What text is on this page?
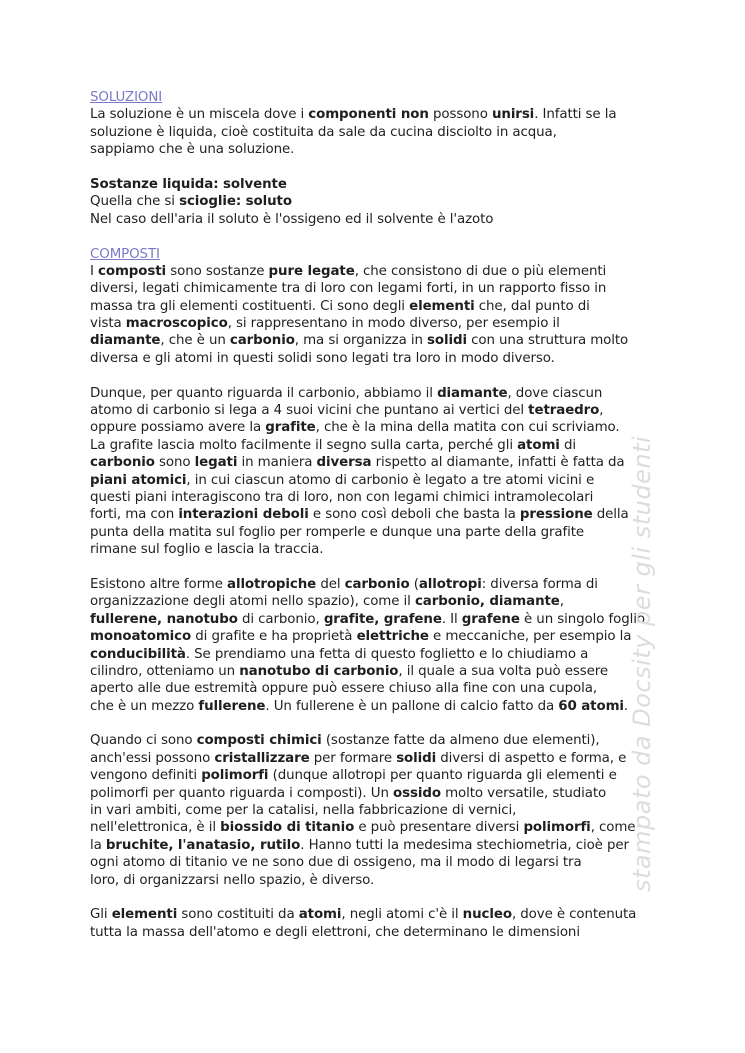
SOLUZIONI
La soluzione è un miscela dove i componenti non possono unirsi. Infatti se la
soluzione è liquida, cioè costituita da sale da cucina disciolto in acqua,
sappiamo che è una soluzione.
Sostanze liquida: solvente
Quella che si scioglie: soluto
Nel caso dell'aria il soluto è l'ossigeno ed il solvente è l'azoto
COMPOSTI
I composti sono sostanze pure legate, che consistono di due o più elementi
diversi, legati chimicamente tra di loro con legami forti, in un rapporto fisso in
massa tra gli elementi costituenti. Ci sono degli elementi che, dal punto di
vista macroscopico, si rappresentano in modo diverso, per esempio il
diamante, che è un carbonio, ma si organizza in solidi con una struttura molto
diversa e gli atomi in questi solidi sono legati tra loro in modo diverso.
Dunque, per quanto riguarda il carbonio, abbiamo il diamante, dove ciascun
atomo di carbonio si lega a 4 suoi vicini che puntano ai vertici del tetraedro,
oppure possiamo avere la grafite, che è la mina della matita con cui scriviamo.
La grafite lascia molto facilmente il segno sulla carta, perché gli atomi di
carbonio sono legati in maniera diversa rispetto al diamante, infatti è fatta da
piani atomici, in cui ciascun atomo di carbonio è legato a tre atomi vicini e
questi piani interagiscono tra di loro, non con legami chimici intramolecolari
forti, ma con interazioni deboli e sono così deboli che basta la pressione della
punta della matita sul foglio per romperle e dunque una parte della grafite
rimane sul foglio e lascia la traccia.
Esistono altre forme allotropiche del carbonio (allotropi: diversa forma di
organizzazione degli atomi nello spazio), come il carbonio, diamante,
fullerene, nanotubo di carbonio, grafite, grafene. Il grafene è un singolo foglio
monoatomico di grafite e ha proprietà elettriche e meccaniche, per esempio la
conducibilità. Se prendiamo una fetta di questo foglietto e lo chiudiamo a
cilindro, otteniamo un nanotubo di carbonio, il quale a sua volta può essere
aperto alle due estremità oppure può essere chiuso alla fine con una cupola,
che è un mezzo fullerene. Un fullerene è un pallone di calcio fatto da 60 atomi.
Quando ci sono composti chimici (sostanze fatte da almeno due elementi),
anch'essi possono cristallizzare per formare solidi diversi di aspetto e forma, e
vengono definiti polimorfi (dunque allotropi per quanto riguarda gli elementi e
polimorfi per quanto riguarda i composti). Un ossido molto versatile, studiato
in vari ambiti, come per la catalisi, nella fabbricazione di vernici,
nell'elettronica, è il biossido di titanio e può presentare diversi polimorfi, come
la bruchite, l'anatasio, rutilo. Hanno tutti la medesima stechiometria, cioè per
ogni atomo di titanio ve ne sono due di ossigeno, ma il modo di legarsi tra
loro, di organizzarsi nello spazio, è diverso.
Gli elementi sono costituiti da atomi, negli atomi c'è il nucleo, dove è contenuta
tutta la massa dell'atomo e degli elettroni, che determinano le dimensioni
stampato da Docsity per gli studenti
